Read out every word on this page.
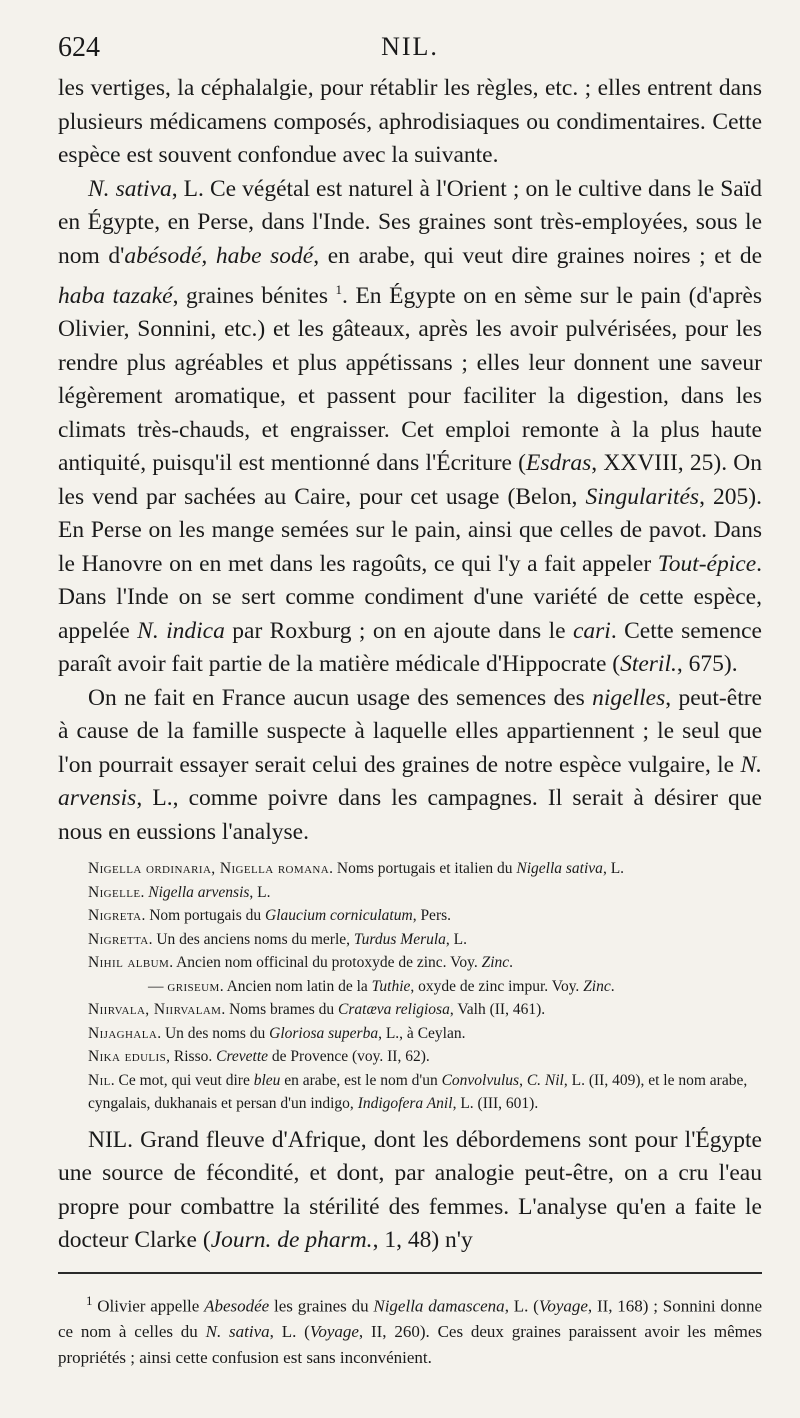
624	NIL.

les vertiges, la céphalalgie, pour rétablir les règles, etc. ; elles entrent dans plusieurs médicamens composés, aphrodisiaques ou condimentaires. Cette espèce est souvent confondue avec la suivante.

N. sativa, L. Ce végétal est naturel à l'Orient ; on le cultive dans le Saïd en Égypte, en Perse, dans l'Inde. Ses graines sont très-employées, sous le nom d'abésodé, habe sodé, en arabe, qui veut dire graines noires ; et de haba tazaké, graines bénites $^1$. En Égypte on en sème sur le pain (d'après Olivier, Sonnini, etc.) et les gâteaux, après les avoir pulvérisées, pour les rendre plus agréables et plus appétissans ; elles leur donnent une saveur légèrement aromatique, et passent pour faciliter la digestion, dans les climats très-chauds, et engraisser. Cet emploi remonte à la plus haute antiquité, puisqu'il est mentionné dans l'Écriture (Esdras, XXVIII, 25). On les vend par sachées au Caire, pour cet usage (Belon, Singularités, 205). En Perse on les mange semées sur le pain, ainsi que celles de pavot. Dans le Hanovre on en met dans les ragoûts, ce qui l'y a fait appeler Tout-épice. Dans l'Inde on se sert comme condiment d'une variété de cette espèce, appelée N. indica par Roxburg ; on en ajoute dans le cari. Cette semence paraît avoir fait partie de la matière médicale d'Hippocrate (Steril., 675).

On ne fait en France aucun usage des semences des nigelles, peut-être à cause de la famille suspecte à laquelle elles appartiennent ; le seul que l'on pourrait essayer serait celui des graines de notre espèce vulgaire, le N. arvensis, L., comme poivre dans les campagnes. Il serait à désirer que nous en eussions l'analyse.

Nigella ordinaria, Nigella romana. Noms portugais et italien du Nigella sativa, L.
Nigelle. Nigella arvensis, L.
Nigreta. Nom portugais du Glaucium corniculatum, Pers.
Nigretta. Un des anciens noms du merle, Turdus Merula, L.
Nihil album. Ancien nom officinal du protoxyde de zinc. Voy. Zinc.
— griseum. Ancien nom latin de la Tuthie, oxyde de zinc impur. Voy. Zinc.
Niirvala, Niirvalam. Noms brames du Cratæva religiosa, Valh (II, 461).
Nijaghala. Un des noms du Gloriosa superba, L., à Ceylan.
Nika edulis, Risso. Crevette de Provence (voy. II, 62).
Nil. Ce mot, qui veut dire bleu en arabe, est le nom d'un Convolvulus, C. Nil, L. (II, 409), et le nom arabe, cyngalais, dukhanais et persan d'un indigo, Indigofera Anil, L. (III, 601).

NIL. Grand fleuve d'Afrique, dont les débordemens sont pour l'Égypte une source de fécondité, et dont, par analogie peut-être, on a cru l'eau propre pour combattre la stérilité des femmes. L'analyse qu'en a faite le docteur Clarke (Journ. de pharm., 1, 48) n'y

$^1$ Olivier appelle Abesodée les graines du Nigella damascena, L. (Voyage, II, 168) ; Sonnini donne ce nom à celles du N. sativa, L. (Voyage, II, 260). Ces deux graines paraissent avoir les mêmes propriétés ; ainsi cette confusion est sans inconvénient.
